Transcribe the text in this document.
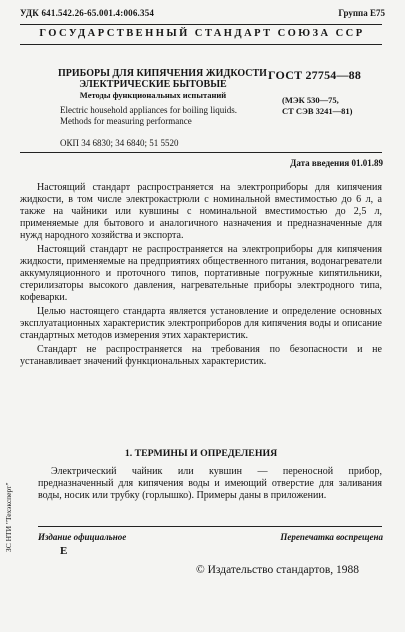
УДК 641.542.26-65.001.4:006.354	Группа Е75
ГОСУДАРСТВЕННЫЙ СТАНДАРТ СОЮЗА ССР
ПРИБОРЫ ДЛЯ КИПЯЧЕНИЯ ЖИДКОСТИ
ЭЛЕКТРИЧЕСКИЕ БЫТОВЫЕ
Методы функциональных испытаний
Electric household appliances for boiling liquids.
Methods for measuring performance
ГОСТ 27754—88
(МЭК 530—75,
СТ СЭВ 3241—81)
ОКП 34 6830; 34 6840; 51 5520
Дата введения 01.01.89

Настоящий стандарт распространяется на электроприборы для кипячения жидкости, в том числе электрокастрюли с номинальной вместимостью до 6 л, а также на чайники или кувшины с номинальной вместимостью до 2,5 л, применяемые для бытового и аналогичного назначения и предназначенные для нужд народного хозяйства и экспорта.

Настоящий стандарт не распространяется на электроприборы для кипячения жидкости, применяемые на предприятиях общественного питания, водонагреватели аккумуляционного и проточного типов, портативные погружные кипятильники, стерилизаторы высокого давления, нагревательные приборы электродного типа, кофеварки.

Целью настоящего стандарта является установление и определение основных эксплуатационных характеристик электроприборов для кипячения воды и описание стандартных методов измерения этих характеристик.

Стандарт не распространяется на требования по безопасности и не устанавливает значений функциональных характеристик.

1. ТЕРМИНЫ И ОПРЕДЕЛЕНИЯ

Электрический чайник или кувшин — переносной прибор, предназначенный для кипячения воды и имеющий отверстие для заливания воды, носик или трубку (горлышко). Примеры даны в приложении.

ЗС НТИ "Техэксперт"	Издание официальное
Е
Перепечатка воспрещена
© Издательство стандартов, 1988
